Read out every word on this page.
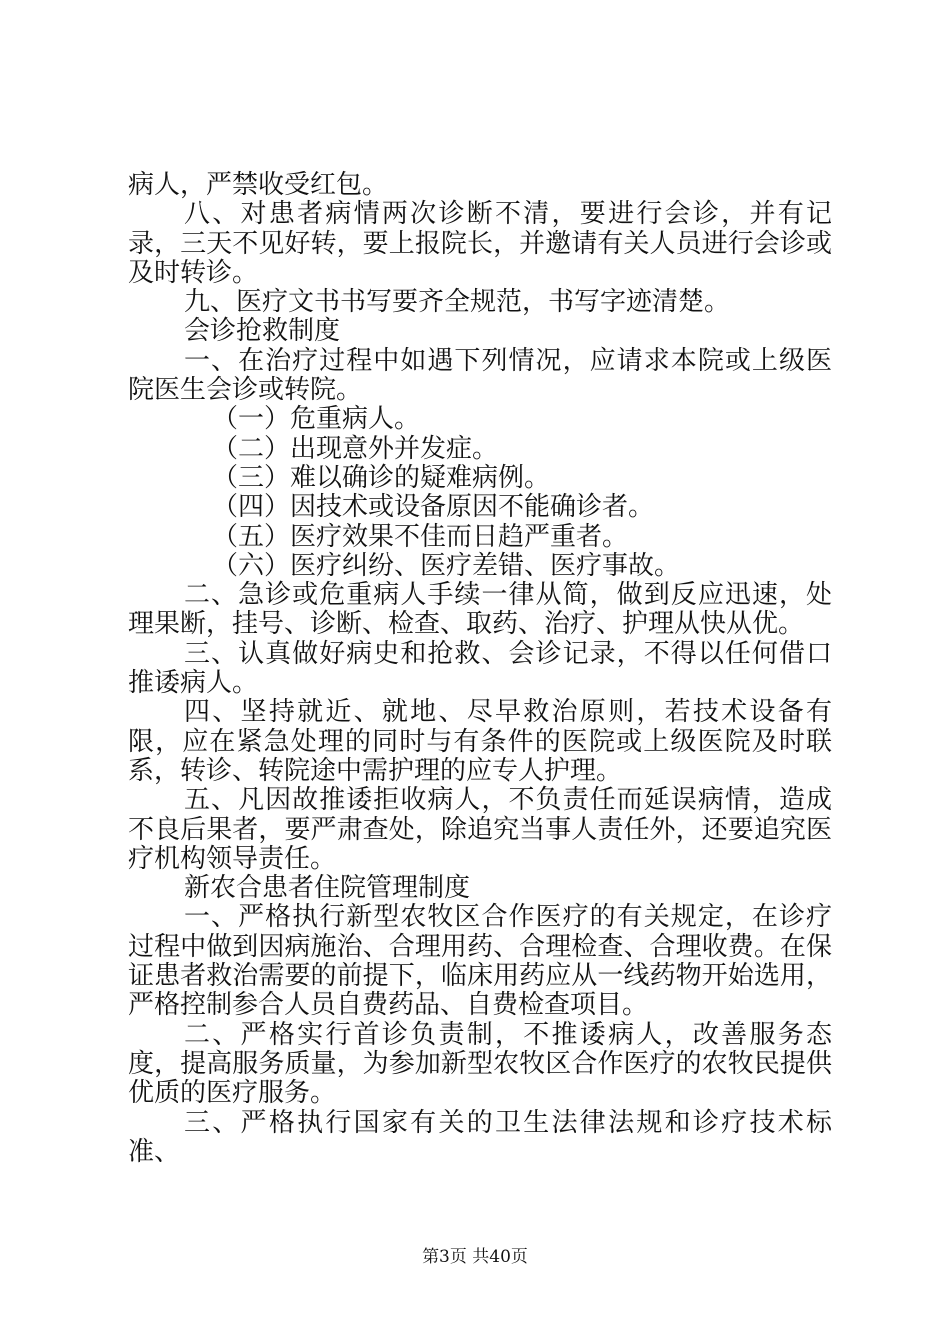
病人，严禁收受红包。

八、对患者病情两次诊断不清，要进行会诊，并有记录，三天不见好转，要上报院长，并邀请有关人员进行会诊或及时转诊。

九、医疗文书书写要齐全规范，书写字迹清楚。

会诊抢救制度

一、在治疗过程中如遇下列情况，应请求本院或上级医院医生会诊或转院。

（一）危重病人。

（二）出现意外并发症。

（三）难以确诊的疑难病例。

（四）因技术或设备原因不能确诊者。

（五）医疗效果不佳而日趋严重者。

（六）医疗纠纷、医疗差错、医疗事故。

二、急诊或危重病人手续一律从简，做到反应迅速，处理果断，挂号、诊断、检查、取药、治疗、护理从快从优。

三、认真做好病史和抢救、会诊记录，不得以任何借口推诿病人。

四、坚持就近、就地、尽早救治原则，若技术设备有限，应在紧急处理的同时与有条件的医院或上级医院及时联系，转诊、转院途中需护理的应专人护理。

五、凡因故推诿拒收病人，不负责任而延误病情，造成不良后果者，要严肃查处，除追究当事人责任外，还要追究医疗机构领导责任。

新农合患者住院管理制度

一、严格执行新型农牧区合作医疗的有关规定，在诊疗过程中做到因病施治、合理用药、合理检查、合理收费。在保证患者救治需要的前提下，临床用药应从一线药物开始选用，严格控制参合人员自费药品、自费检查项目。

二、严格实行首诊负责制，不推诿病人，改善服务态度，提高服务质量，为参加新型农牧区合作医疗的农牧民提供优质的医疗服务。

三、严格执行国家有关的卫生法律法规和诊疗技术标准、

第3页 共40页
